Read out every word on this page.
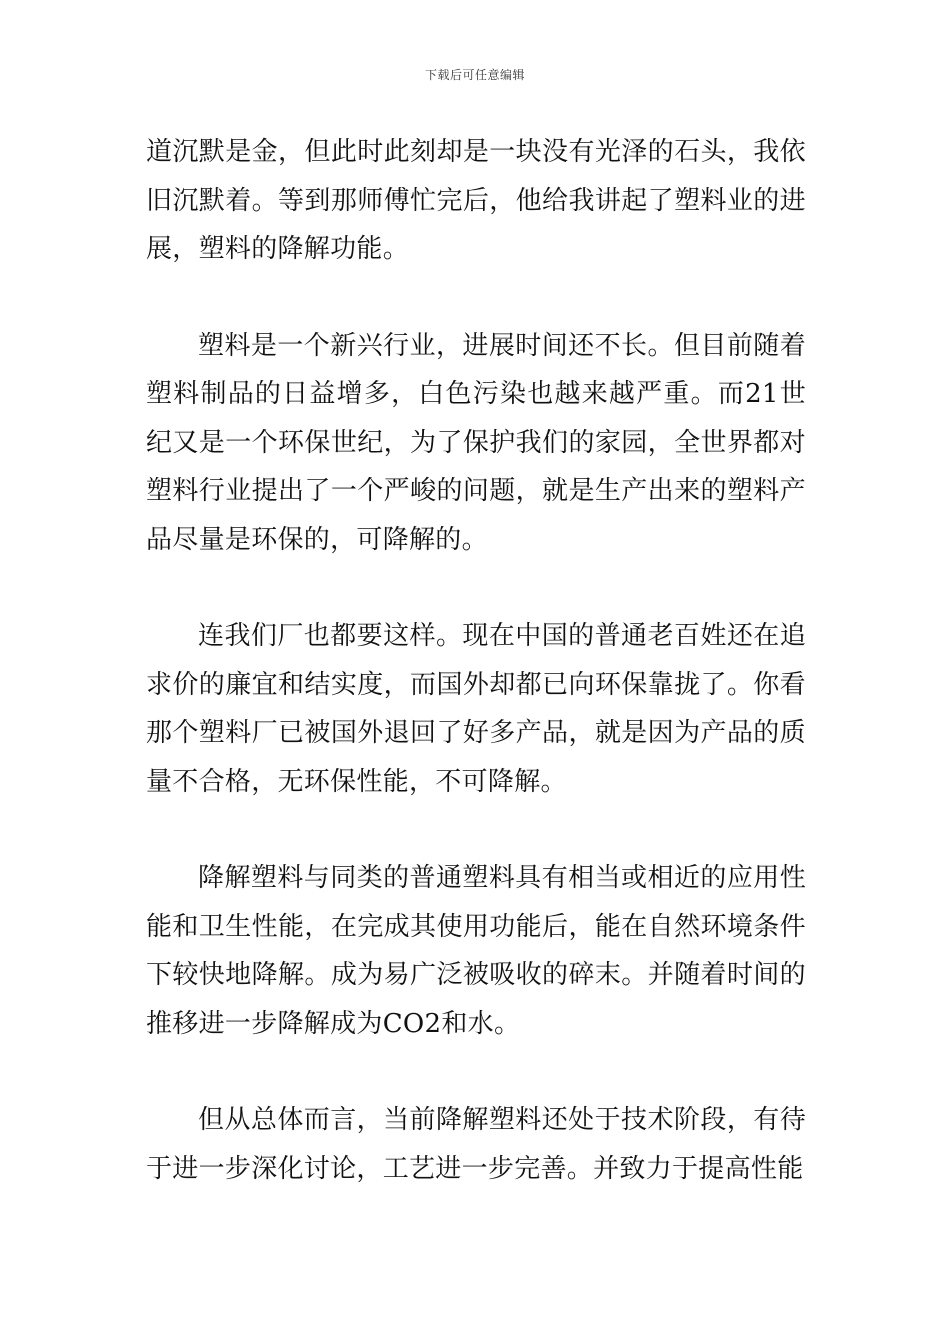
下载后可任意编辑

道沉默是金，但此时此刻却是一块没有光泽的石头，我依旧沉默着。等到那师傅忙完后，他给我讲起了塑料业的进展，塑料的降解功能。

塑料是一个新兴行业，进展时间还不长。但目前随着塑料制品的日益增多，白色污染也越来越严重。而21世纪又是一个环保世纪，为了保护我们的家园，全世界都对塑料行业提出了一个严峻的问题，就是生产出来的塑料产品尽量是环保的，可降解的。

连我们厂也都要这样。现在中国的普通老百姓还在追求价的廉宜和结实度，而国外却都已向环保靠拢了。你看那个塑料厂已被国外退回了好多产品，就是因为产品的质量不合格，无环保性能，不可降解。

降解塑料与同类的普通塑料具有相当或相近的应用性能和卫生性能，在完成其使用功能后，能在自然环境条件下较快地降解。成为易广泛被吸收的碎末。并随着时间的推移进一步降解成为CO2和水。

但从总体而言，当前降解塑料还处于技术阶段，有待于进一步深化讨论，工艺进一步完善。并致力于提高性能
